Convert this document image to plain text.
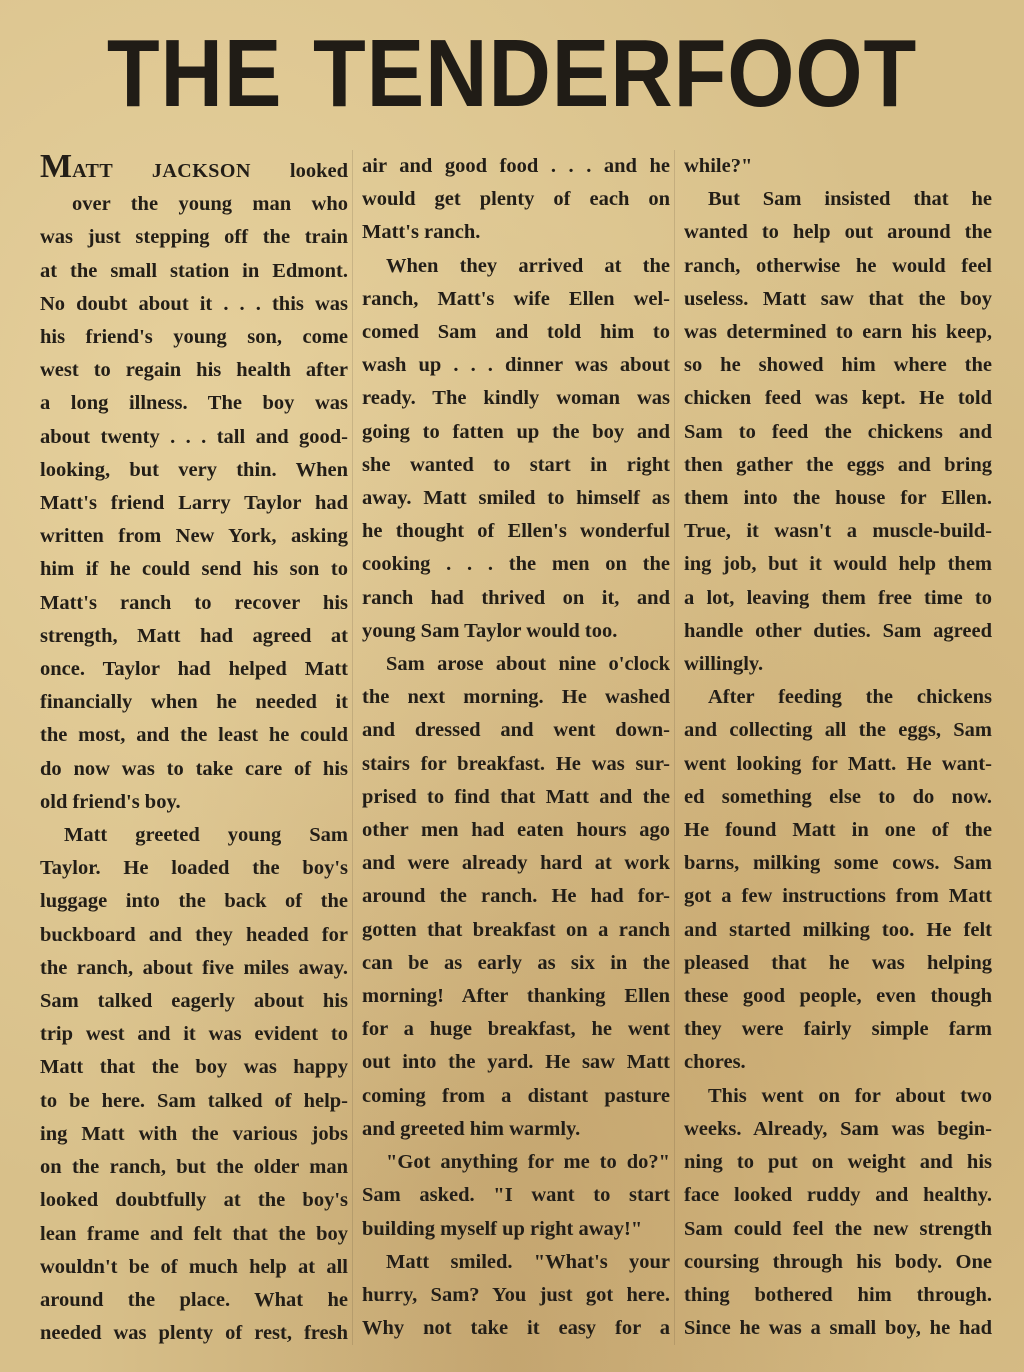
THE TENDERFOOT

MATT JACKSON looked

over the young man who

was just stepping off the train

at the small station in Edmont.

No doubt about it . . . this was

his friend's young son, come

west to regain his health after

a long illness. The boy was

about twenty . . . tall and good-

looking, but very thin. When

Matt's friend Larry Taylor had

written from New York, asking

him if he could send his son to

Matt's ranch to recover his

strength, Matt had agreed at

once. Taylor had helped Matt

financially when he needed it

the most, and the least he could

do now was to take care of his

old friend's boy.

Matt greeted young Sam

Taylor. He loaded the boy's

luggage into the back of the

buckboard and they headed for

the ranch, about five miles away.

Sam talked eagerly about his

trip west and it was evident to

Matt that the boy was happy

to be here. Sam talked of help-

ing Matt with the various jobs

on the ranch, but the older man

looked doubtfully at the boy's

lean frame and felt that the boy

wouldn't be of much help at all

around the place. What he

needed was plenty of rest, fresh

air and good food . . . and he

would get plenty of each on

Matt's ranch.

When they arrived at the

ranch, Matt's wife Ellen wel-

comed Sam and told him to

wash up . . . dinner was about

ready. The kindly woman was

going to fatten up the boy and

she wanted to start in right

away. Matt smiled to himself as

he thought of Ellen's wonderful

cooking . . . the men on the

ranch had thrived on it, and

young Sam Taylor would too.

Sam arose about nine o'clock

the next morning. He washed

and dressed and went down-

stairs for breakfast. He was sur-

prised to find that Matt and the

other men had eaten hours ago

and were already hard at work

around the ranch. He had for-

gotten that breakfast on a ranch

can be as early as six in the

morning! After thanking Ellen

for a huge breakfast, he went

out into the yard. He saw Matt

coming from a distant pasture

and greeted him warmly.

"Got anything for me to do?"

Sam asked. "I want to start

building myself up right away!"

Matt smiled. "What's your

hurry, Sam? You just got here.

Why not take it easy for a

while?"

But Sam insisted that he

wanted to help out around the

ranch, otherwise he would feel

useless. Matt saw that the boy

was determined to earn his keep,

so he showed him where the

chicken feed was kept. He told

Sam to feed the chickens and

then gather the eggs and bring

them into the house for Ellen.

True, it wasn't a muscle-build-

ing job, but it would help them

a lot, leaving them free time to

handle other duties. Sam agreed

willingly.

After feeding the chickens

and collecting all the eggs, Sam

went looking for Matt. He want-

ed something else to do now.

He found Matt in one of the

barns, milking some cows. Sam

got a few instructions from Matt

and started milking too. He felt

pleased that he was helping

these good people, even though

they were fairly simple farm

chores.

This went on for about two

weeks. Already, Sam was begin-

ning to put on weight and his

face looked ruddy and healthy.

Sam could feel the new strength

coursing through his body. One

thing bothered him through.

Since he was a small boy, he had
